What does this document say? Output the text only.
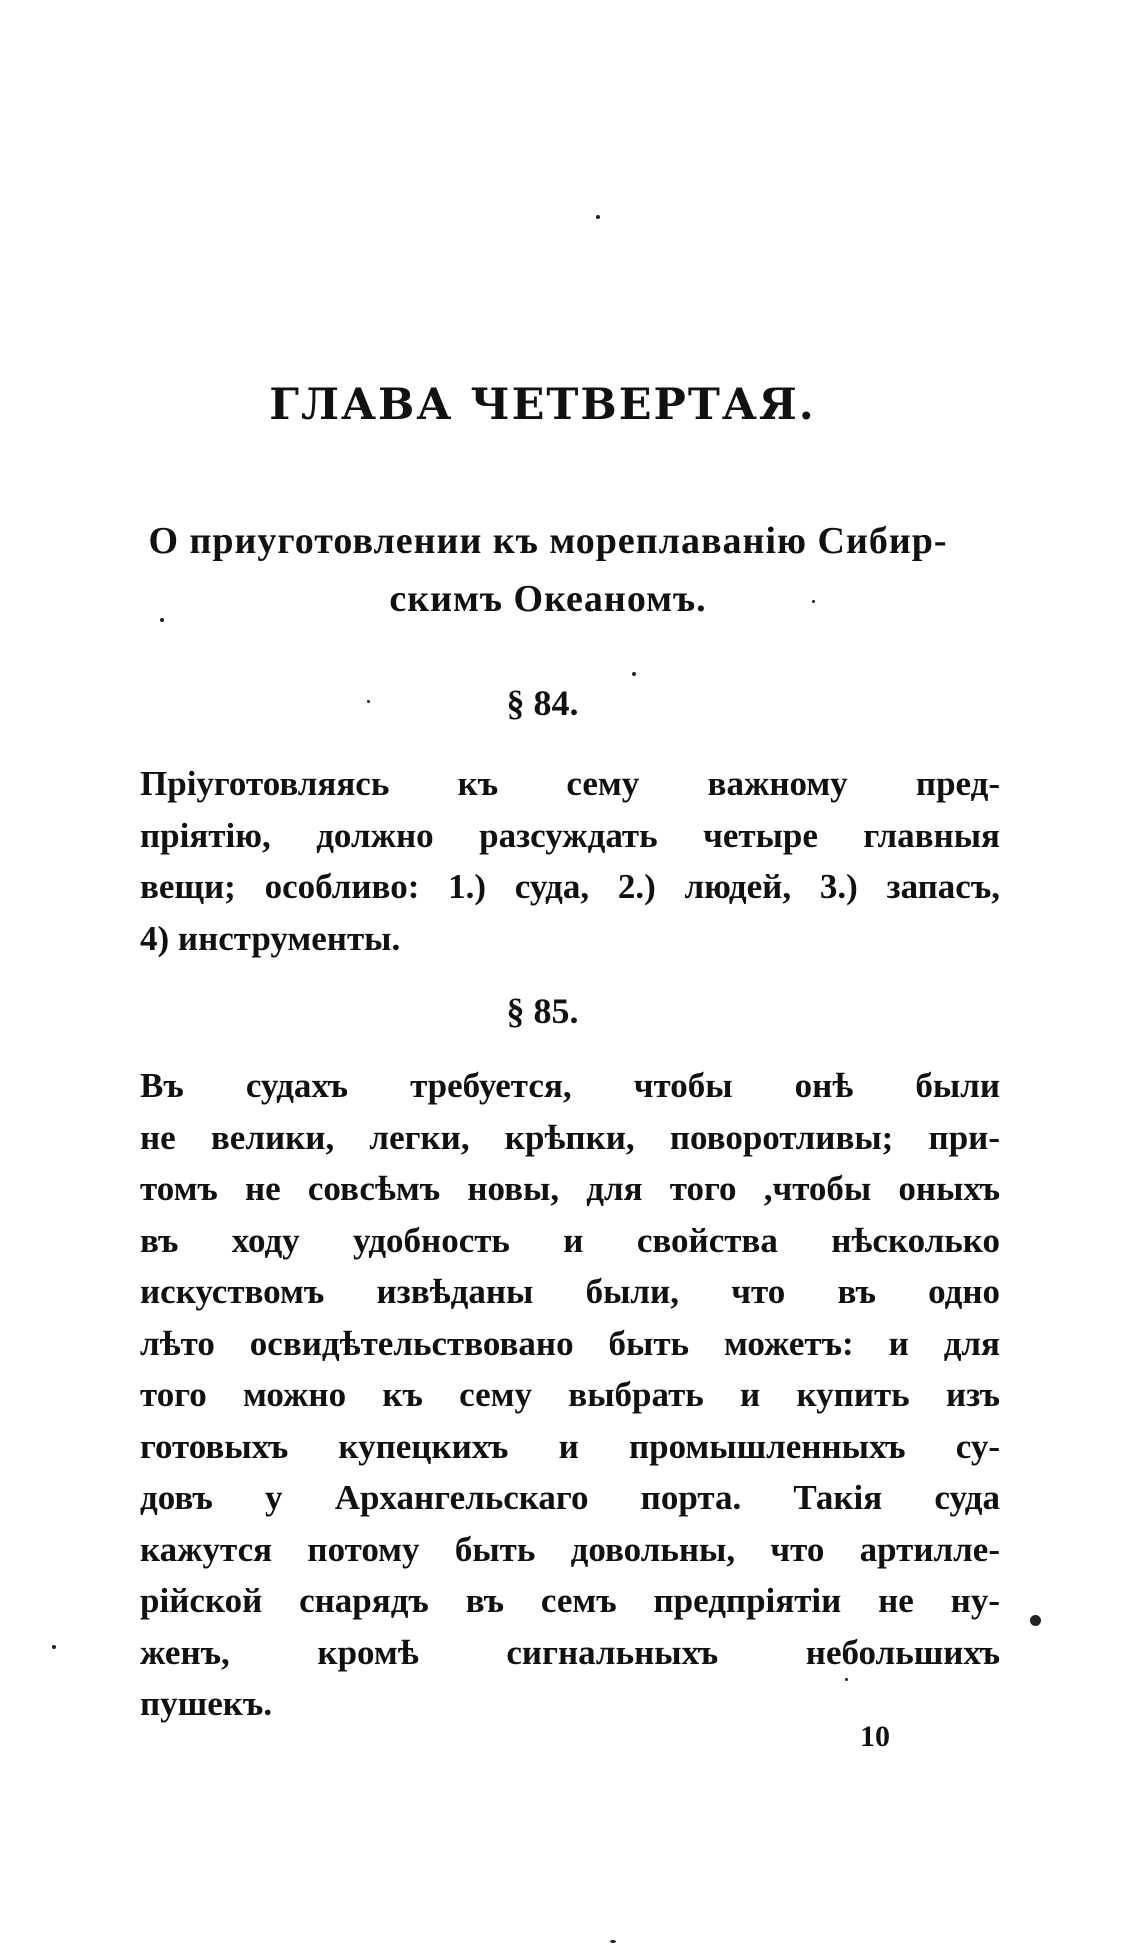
ГЛАВА ЧЕТВЕРТАЯ.
О приуготовлении къ мореплаванію Сибир-
скимъ Океаномъ.
§ 84.
Пріуготовляясь къ сему важному пред-
пріятію, должно разсуждать четыре главныя
вещи; особливо: 1.) суда, 2.) людей, 3.) запасъ,
4) инструменты.
§ 85.
Въ судахъ требуется, чтобы онѣ были
не велики, легки, крѣпки, поворотливы; при-
томъ не совсѣмъ новы, для того ,чтобы оныхъ
въ ходу удобность и свойства нѣсколько
искуствомъ извѣданы были, что въ одно
лѣто освидѣтельствовано быть можетъ: и для
того можно къ сему выбрать и купить изъ
готовыхъ купецкихъ и промышленныхъ су-
довъ у Архангельскаго порта. Такія суда
кажутся потому быть довольны, что артилле-
рійской снарядъ въ семъ предпріятіи не ну-
женъ, кромѣ сигнальныхъ небольшихъ
пушекъ.
10
